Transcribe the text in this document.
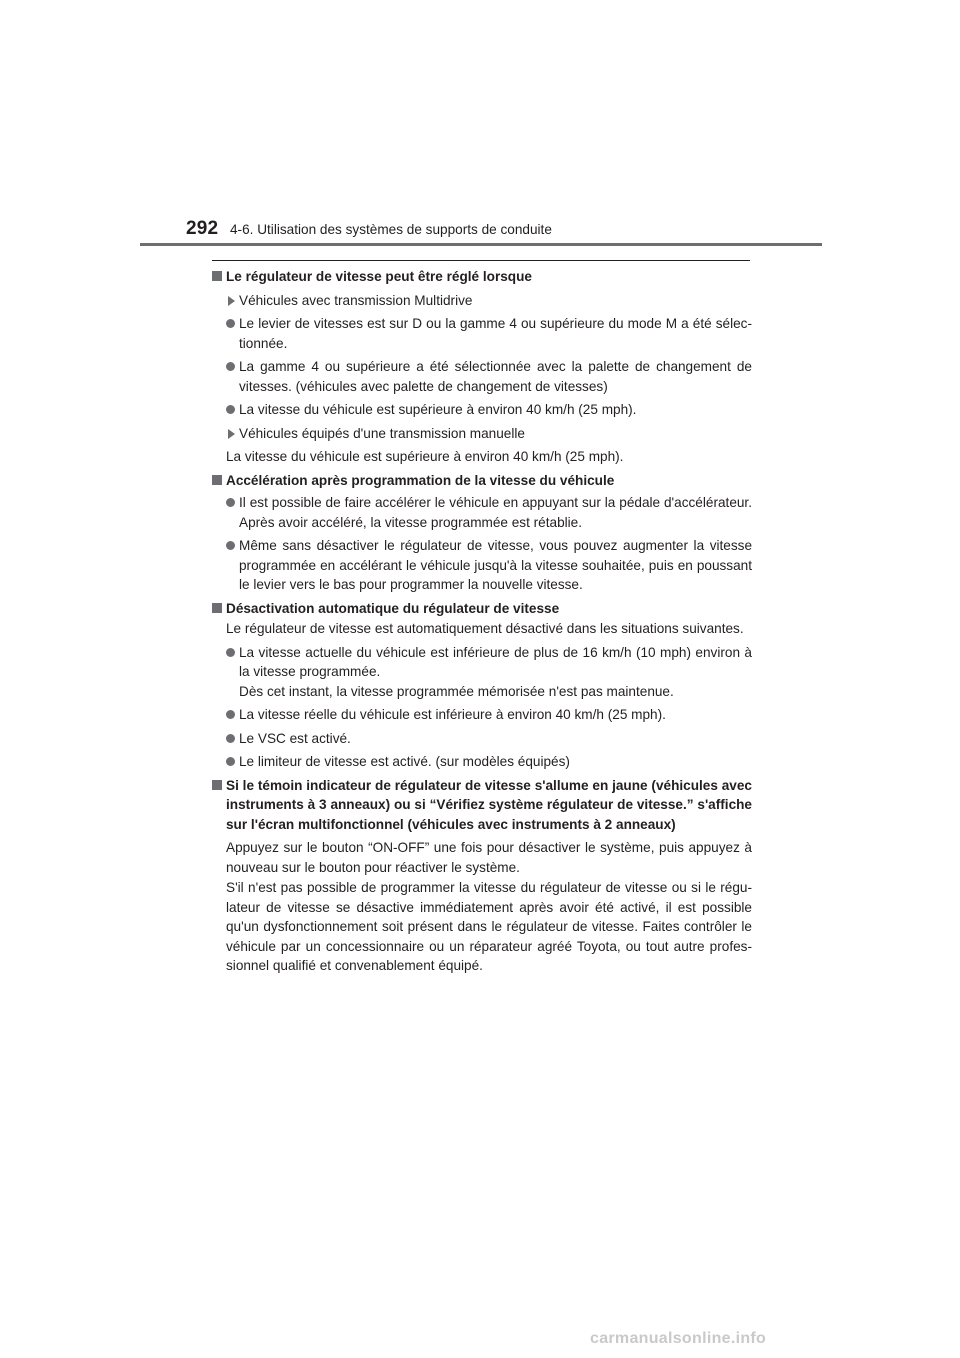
292 4-6. Utilisation des systèmes de supports de conduite
Le régulateur de vitesse peut être réglé lorsque
Véhicules avec transmission Multidrive
Le levier de vitesses est sur D ou la gamme 4 ou supérieure du mode M a été sélec-tionnée.
La gamme 4 ou supérieure a été sélectionnée avec la palette de changement de vitesses. (véhicules avec palette de changement de vitesses)
La vitesse du véhicule est supérieure à environ 40 km/h (25 mph).
Véhicules équipés d'une transmission manuelle
La vitesse du véhicule est supérieure à environ 40 km/h (25 mph).
Accélération après programmation de la vitesse du véhicule
Il est possible de faire accélérer le véhicule en appuyant sur la pédale d'accélérateur. Après avoir accéléré, la vitesse programmée est rétablie.
Même sans désactiver le régulateur de vitesse, vous pouvez augmenter la vitesse programmée en accélérant le véhicule jusqu'à la vitesse souhaitée, puis en poussant le levier vers le bas pour programmer la nouvelle vitesse.
Désactivation automatique du régulateur de vitesse
Le régulateur de vitesse est automatiquement désactivé dans les situations suivantes.
La vitesse actuelle du véhicule est inférieure de plus de 16 km/h (10 mph) environ à la vitesse programmée.
Dès cet instant, la vitesse programmée mémorisée n'est pas maintenue.
La vitesse réelle du véhicule est inférieure à environ 40 km/h (25 mph).
Le VSC est activé.
Le limiteur de vitesse est activé. (sur modèles équipés)
Si le témoin indicateur de régulateur de vitesse s'allume en jaune (véhicules avec instruments à 3 anneaux) ou si “Vérifiez système régulateur de vitesse.” s'affiche sur l'écran multifonctionnel (véhicules avec instruments à 2 anneaux)
Appuyez sur le bouton “ON-OFF” une fois pour désactiver le système, puis appuyez à nouveau sur le bouton pour réactiver le système.
S'il n'est pas possible de programmer la vitesse du régulateur de vitesse ou si le régu-lateur de vitesse se désactive immédiatement après avoir été activé, il est possible qu'un dysfonctionnement soit présent dans le régulateur de vitesse. Faites contrôler le véhicule par un concessionnaire ou un réparateur agréé Toyota, ou tout autre profes-sionnel qualifié et convenablement équipé.
carmanualsonline.info
